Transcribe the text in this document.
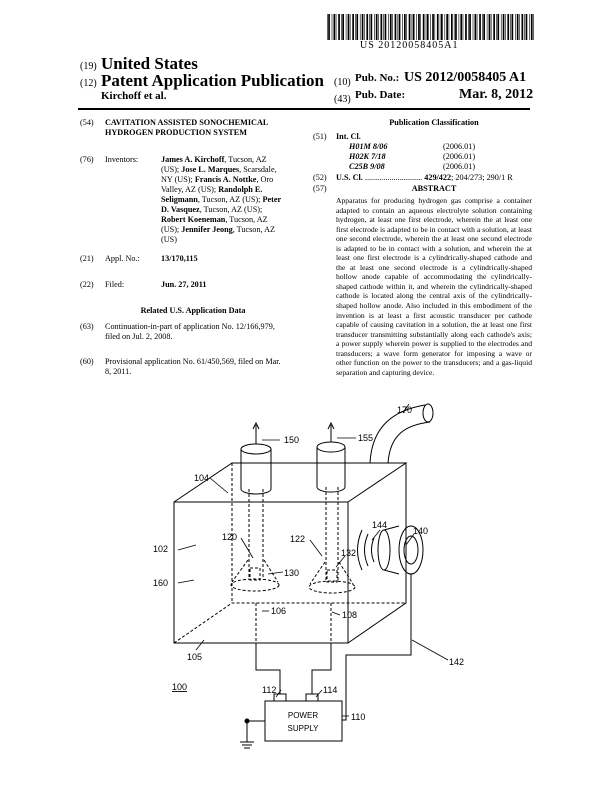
US 20120058405A1
(19) United States
(12) Patent Application Publication
Kirchoff et al.
(10) Pub. No.: US 2012/0058405 A1
(43) Pub. Date:	Mar. 8, 2012
(54) CAVITATION ASSISTED SONOCHEMICAL
HYDROGEN PRODUCTION SYSTEM
(76) Inventors:	James A. Kirchoff, Tucson, AZ
(US); Jose L. Marques, Scarsdale,
NY (US); Francis A. Nottke, Oro
Valley, AZ (US); Randolph E.
Seligmann, Tucson, AZ (US); Peter
D. Vasquez, Tucson, AZ (US);
Robert Koeneman, Tucson, AZ
(US); Jennifer Jeong, Tucson, AZ
(US)
(21) Appl. No.:	13/170,115
(22) Filed:	Jun. 27, 2011
Related U.S. Application Data
(63) Continuation-in-part of application No. 12/166,979,
filed on Jul. 2, 2008.
(60) Provisional application No. 61/450,569, filed on Mar.
8, 2011.
Publication Classification
(51) Int. Cl.
H01M 8/06	(2006.01)
H02K 7/18	(2006.01)
C25B 9/08	(2006.01)
(52) U.S. Cl. ............................ 429/422; 204/273; 290/1 R
(57)	ABSTRACT
Apparatus for producing hydrogen gas comprise a container adapted to contain an aqueous electrolyte solution containing hydrogen, at least one first electrode, wherein the at least one first electrode is adapted to be in contact with a solution, at least one second electrode, wherein the at least one second electrode is adapted to be in contact with a solution, and wherein the at least one first electrode is a cylindrically-shaped cathode and the at least one second electrode is a cylindrically-shaped hollow anode capable of accommodating the cylindrically-shaped cathode within it, and wherein the cylindrically-shaped cathode is located along the central axis of the cylindrically-shaped hollow anode. Also included in this embodiment of the invention is at least a first acoustic transducer per cathode capable of causing cavitation in a solution, the at least one first transducer transmitting substantially along each cathode's axis; a power supply wherein power is supplied to the electrodes and transducers; a wave form generator for imposing a wave or other function on the power to the transducers; and a gas-liquid separation and capturing device.
150	155
170
104
102
160
120	122
130
132
144
140
106	108
105	142
100	112	114
110
POWER
SUPPLY
